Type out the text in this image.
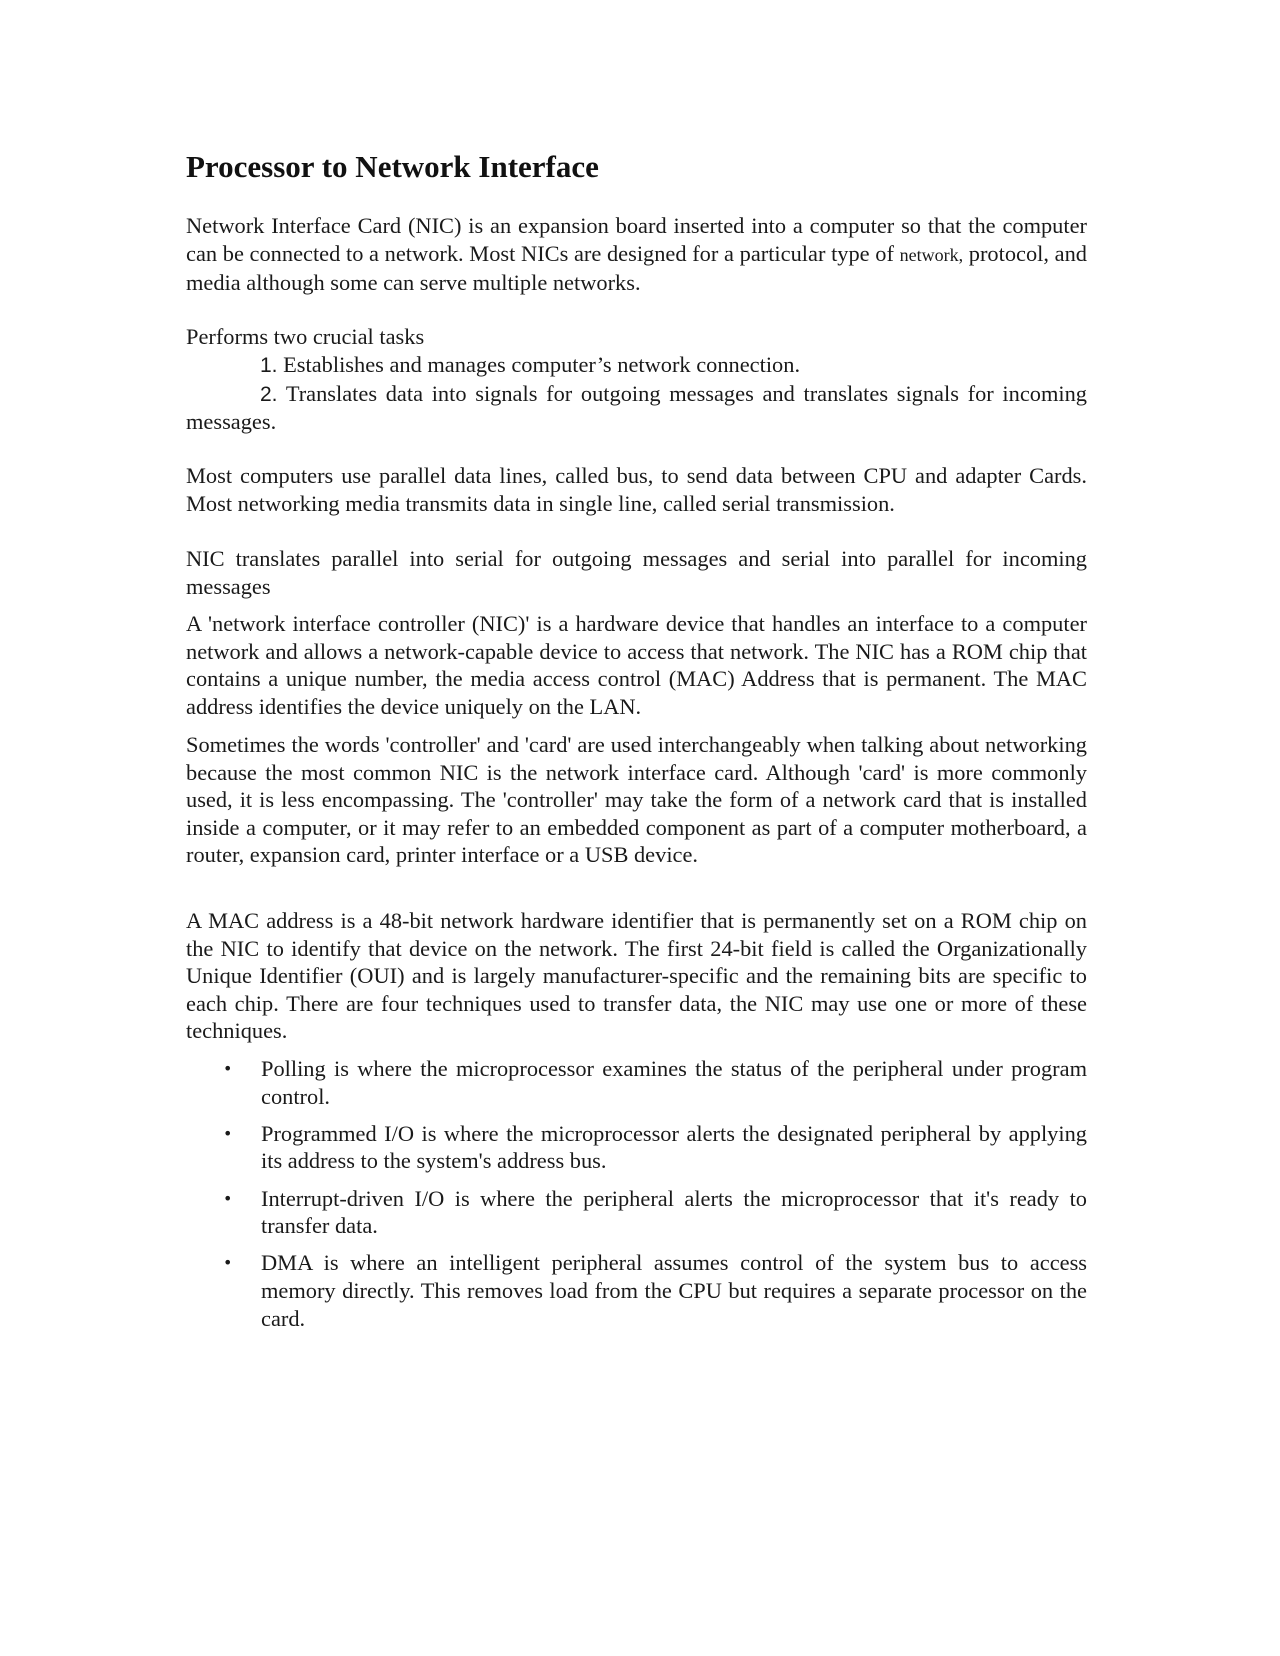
Processor to Network Interface

Network Interface Card (NIC) is an expansion board inserted into a computer so that the computer can be connected to a network. Most NICs are designed for a particular type of network, protocol, and media although some can serve multiple networks.

Performs two crucial tasks

1. Establishes and manages computer’s network connection.
2. Translates data into signals for outgoing messages and translates signals for incoming messages.

Most computers use parallel data lines, called bus, to send data between CPU and adapter Cards. Most networking media transmits data in single line, called serial transmission.

NIC translates parallel into serial for outgoing messages and serial into parallel for incoming messages

A 'network interface controller (NIC)' is a hardware device that handles an interface to a computer network and allows a network-capable device to access that network. The NIC has a ROM chip that contains a unique number, the media access control (MAC) Address that is permanent. The MAC address identifies the device uniquely on the LAN.

Sometimes the words 'controller' and 'card' are used interchangeably when talking about networking because the most common NIC is the network interface card. Although 'card' is more commonly used, it is less encompassing. The 'controller' may take the form of a network card that is installed inside a computer, or it may refer to an embedded component as part of a computer motherboard, a router, expansion card, printer interface or a USB device.

A MAC address is a 48-bit network hardware identifier that is permanently set on a ROM chip on the NIC to identify that device on the network. The first 24-bit field is called the Organizationally Unique Identifier (OUI) and is largely manufacturer-specific and the remaining bits are specific to each chip. There are four techniques used to transfer data, the NIC may use one or more of these techniques.

• Polling is where the microprocessor examines the status of the peripheral under program control.
• Programmed I/O is where the microprocessor alerts the designated peripheral by applying its address to the system's address bus.
• Interrupt-driven I/O is where the peripheral alerts the microprocessor that it's ready to transfer data.
• DMA is where an intelligent peripheral assumes control of the system bus to access memory directly. This removes load from the CPU but requires a separate processor on the card.
